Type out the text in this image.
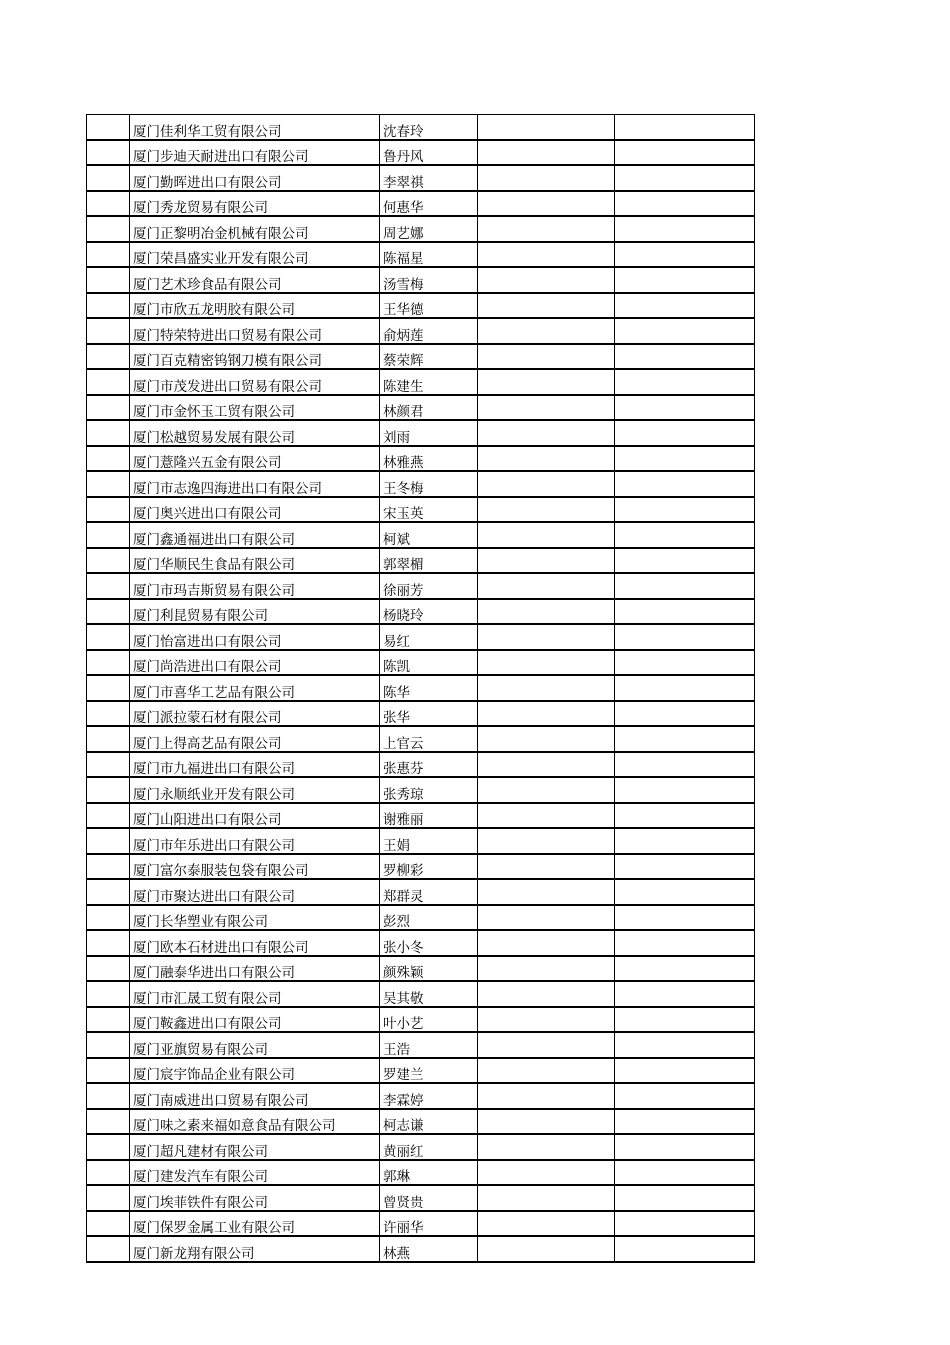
	厦门佳利华工贸有限公司	沈春玲		
	厦门步迪天耐进出口有限公司	鲁丹风		
	厦门勤晖进出口有限公司	李翠祺		
	厦门秀龙贸易有限公司	何惠华		
	厦门正黎明冶金机械有限公司	周艺娜		
	厦门荣昌盛实业开发有限公司	陈福星		
	厦门艺术珍食品有限公司	汤雪梅		
	厦门市欣五龙明胶有限公司	王华德		
	厦门特荣特进出口贸易有限公司	俞炳莲		
	厦门百克精密钨钢刀模有限公司	蔡荣辉		
	厦门市茂发进出口贸易有限公司	陈建生		
	厦门市金怀玉工贸有限公司	林颜君		
	厦门松越贸易发展有限公司	刘雨		
	厦门薏隆兴五金有限公司	林雅燕		
	厦门市志逸四海进出口有限公司	王冬梅		
	厦门奥兴进出口有限公司	宋玉英		
	厦门鑫通福进出口有限公司	柯斌		
	厦门华顺民生食品有限公司	郭翠楣		
	厦门市玛吉斯贸易有限公司	徐丽芳		
	厦门利昆贸易有限公司	杨晓玲		
	厦门怡富进出口有限公司	易红		
	厦门尚浩进出口有限公司	陈凯		
	厦门市喜华工艺品有限公司	陈华		
	厦门派拉蒙石材有限公司	张华		
	厦门上得高艺品有限公司	上官云		
	厦门市九福进出口有限公司	张惠芬		
	厦门永顺纸业开发有限公司	张秀琼		
	厦门山阳进出口有限公司	谢雅丽		
	厦门市年乐进出口有限公司	王娟		
	厦门富尔泰服装包袋有限公司	罗柳彩		
	厦门市聚达进出口有限公司	郑群灵		
	厦门长华塑业有限公司	彭烈		
	厦门欧本石材进出口有限公司	张小冬		
	厦门融泰华进出口有限公司	颜殊颖		
	厦门市汇晟工贸有限公司	吴其敬		
	厦门鞍鑫进出口有限公司	叶小艺		
	厦门亚旗贸易有限公司	王浩		
	厦门宸宇饰品企业有限公司	罗建兰		
	厦门南威进出口贸易有限公司	李霖婷		
	厦门味之素来福如意食品有限公司	柯志谦		
	厦门超凡建材有限公司	黄丽红		
	厦门建发汽车有限公司	郭琳		
	厦门埃菲铁件有限公司	曾贤贵		
	厦门保罗金属工业有限公司	许丽华		
	厦门新龙翔有限公司	林燕		
